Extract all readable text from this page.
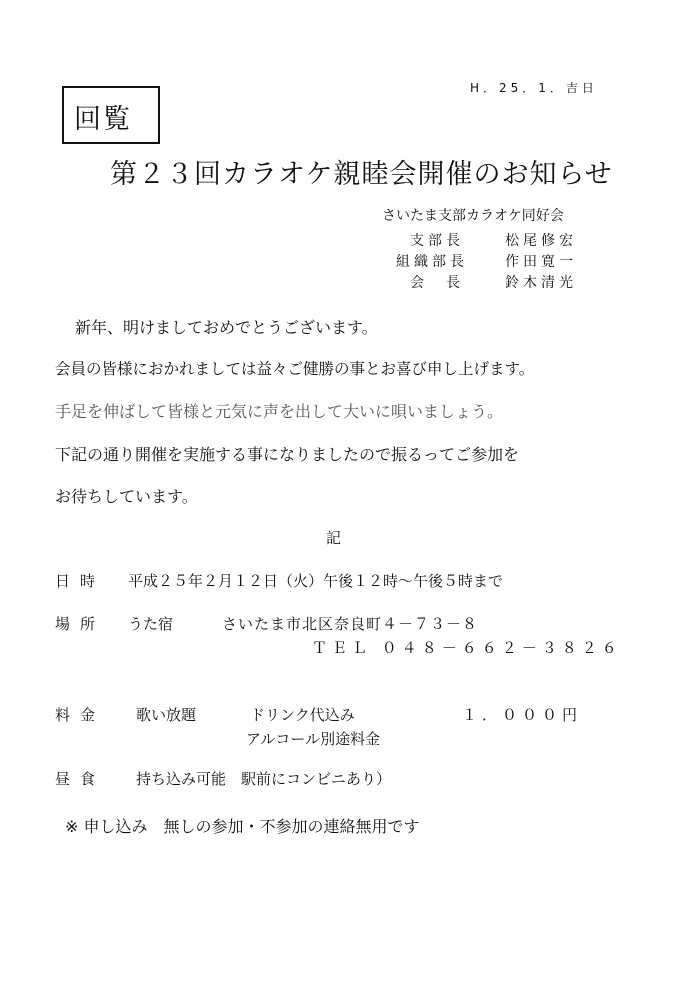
H．25．1．吉日
回覧
第２３回カラオケ親睦会開催のお知らせ
さいたま支部カラオケ同好会
支部長	松尾修宏
組織部長	作田寛一
会　長	鈴木清光
新年、明けましておめでとうございます。
会員の皆様におかれましては益々ご健勝の事とお喜び申し上げます。
手足を伸ばして皆様と元気に声を出して大いに唄いましょう。
下記の通り開催を実施する事になりましたので振るってご参加を
お待ちしています。
記
日時 平成２５年２月１２日（火）午後１２時～午後５時まで
場所 うた宿	さいたま市北区奈良町４－７３－８
ＴＥＬ ０４８－６６２－３８２６
料金 歌い放題	ドリンク代込み	１．０００円
アルコール別途料金
昼食 持ち込み可能　駅前にコンビニあり）
※ 申し込み　無しの参加・不参加の連絡無用です
